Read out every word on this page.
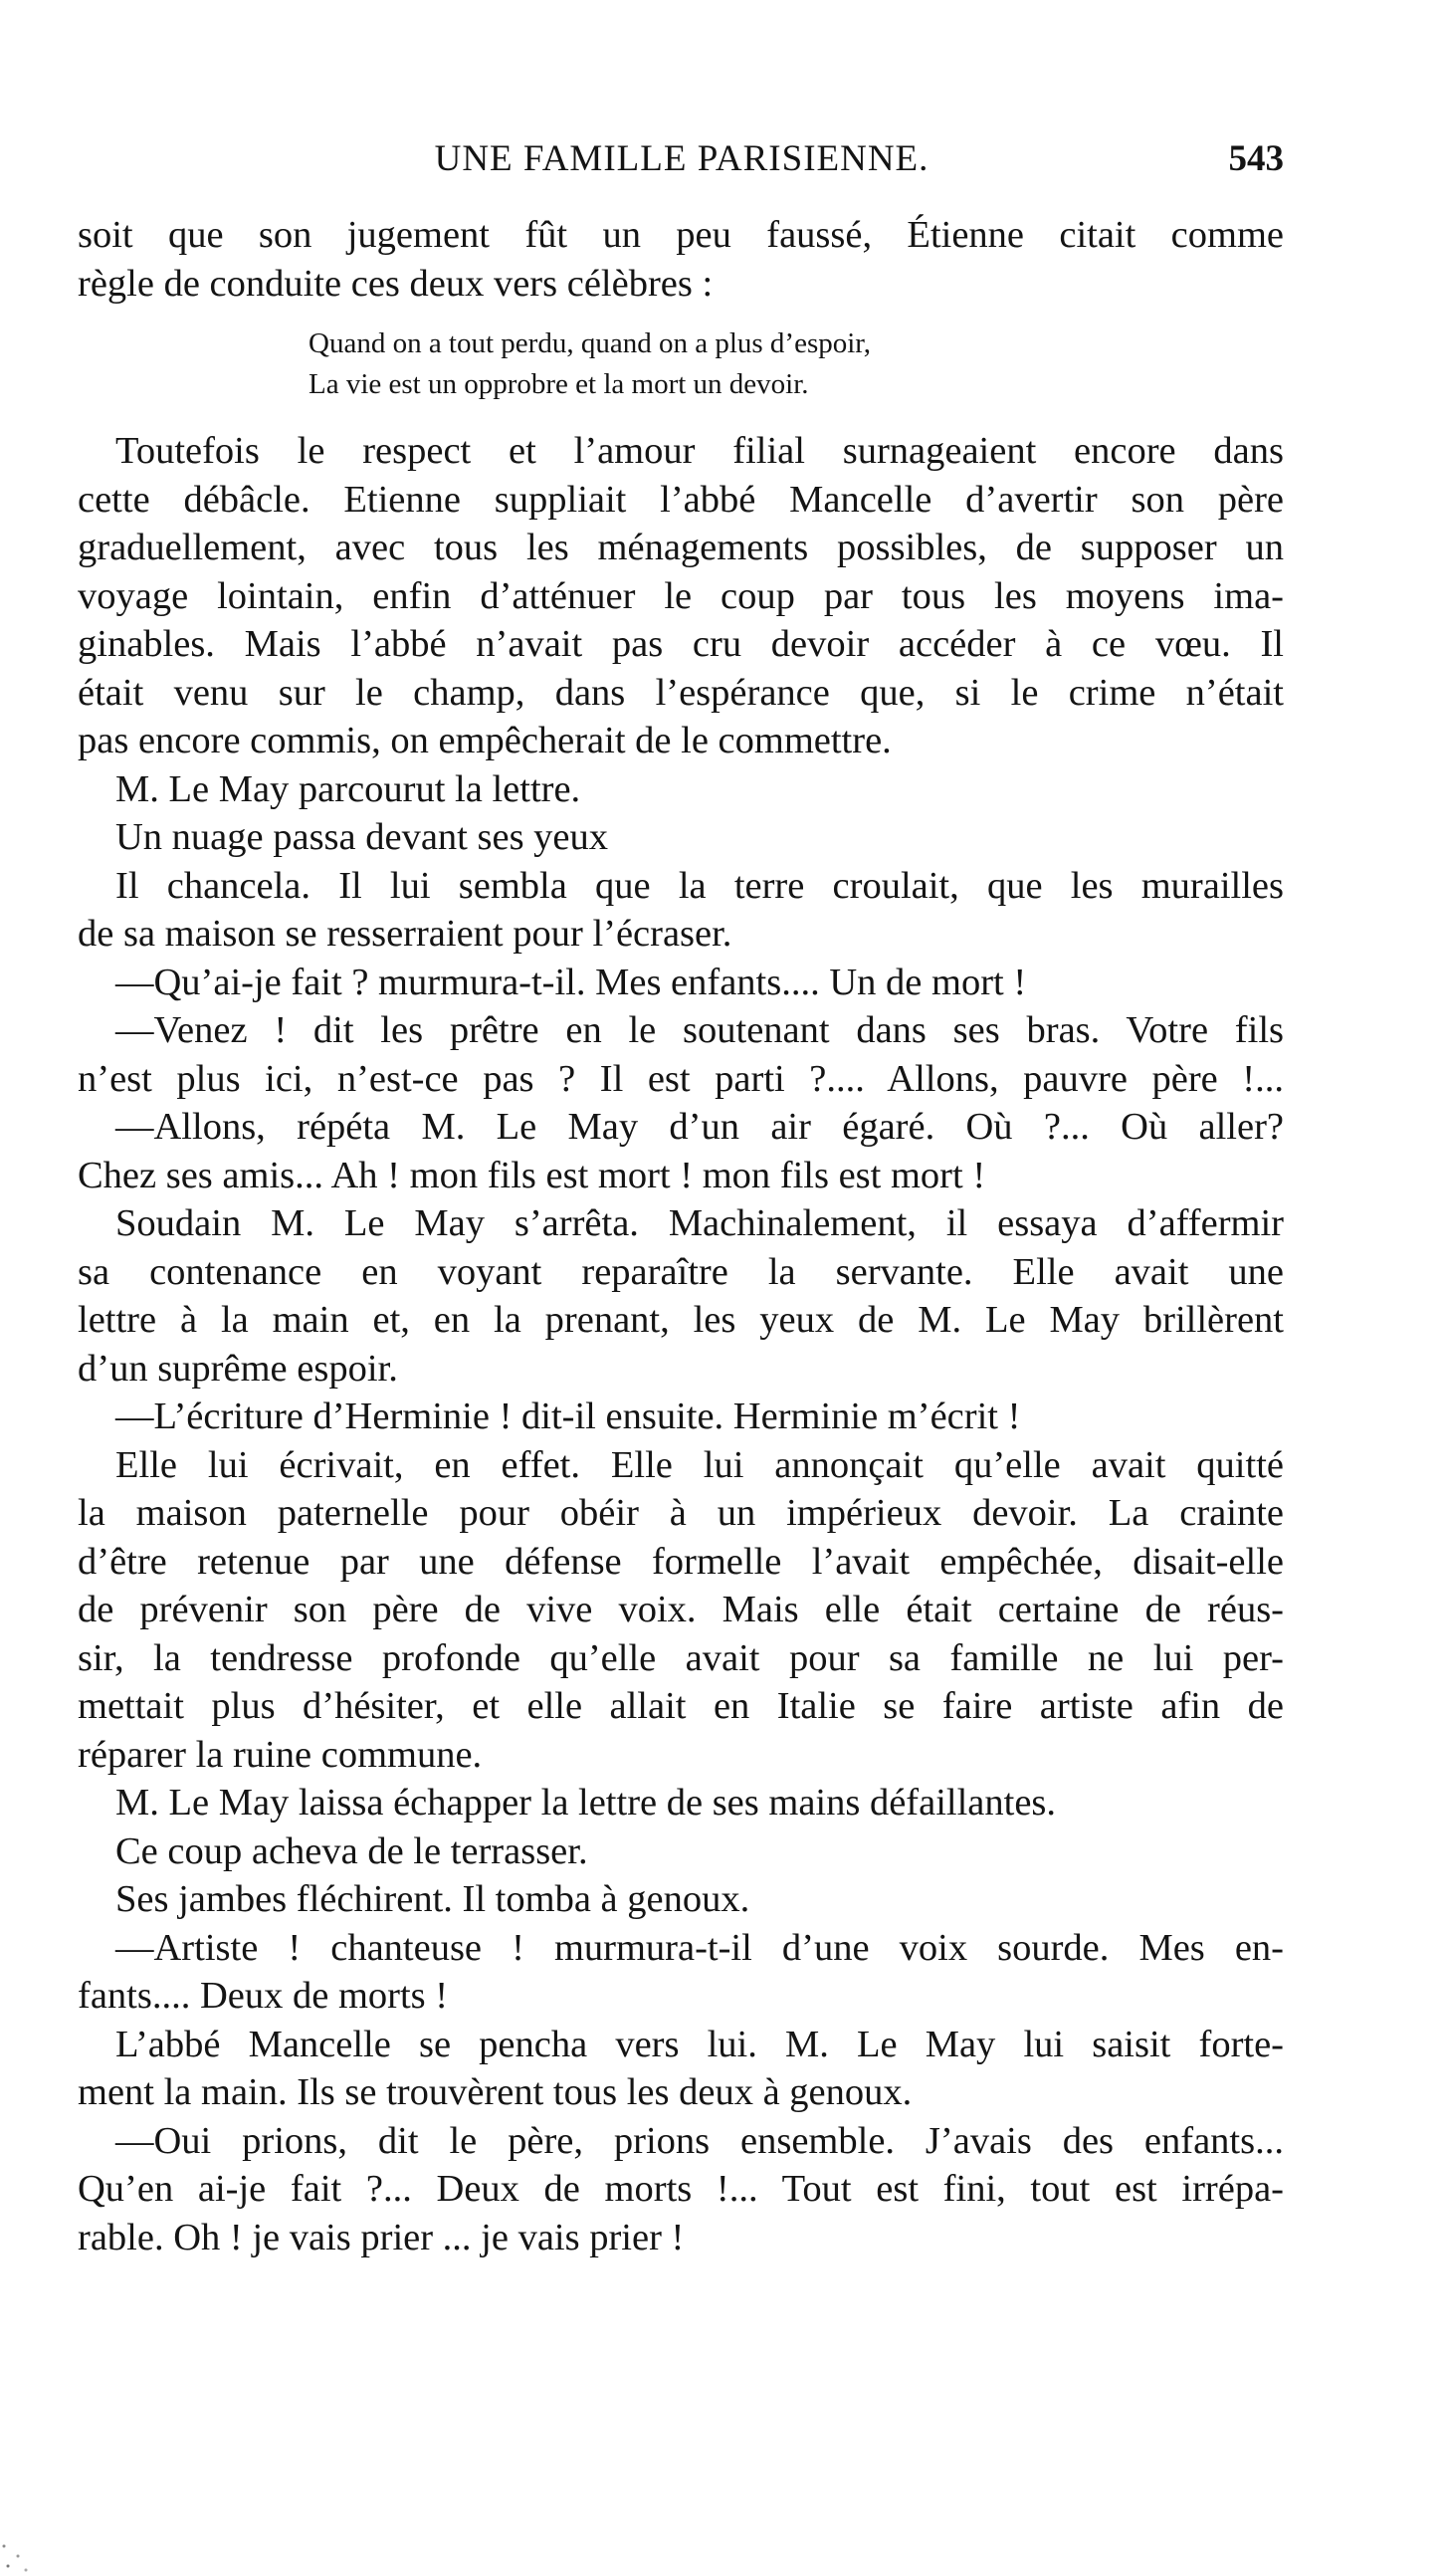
UNE FAMILLE PARISIENNE.	543
soit que son jugement fût un peu faussé, Étienne citait comme
règle de conduite ces deux vers célèbres :
Quand on a tout perdu, quand on a plus d’espoir,
La vie est un opprobre et la mort un devoir.
Toutefois le respect et l’amour filial surnageaient encore dans
cette débâcle. Etienne suppliait l’abbé Mancelle d’avertir son père
graduellement, avec tous les ménagements possibles, de supposer un
voyage lointain, enfin d’atténuer le coup par tous les moyens ima-
ginables. Mais l’abbé n’avait pas cru devoir accéder à ce vœu. Il
était venu sur le champ, dans l’espérance que, si le crime n’était
pas encore commis, on empêcherait de le commettre.
M. Le May parcourut la lettre.
Un nuage passa devant ses yeux
Il chancela. Il lui sembla que la terre croulait, que les murailles
de sa maison se resserraient pour l’écraser.
—Qu’ai-je fait ? murmura-t-il. Mes enfants.... Un de mort !
—Venez ! dit les prêtre en le soutenant dans ses bras. Votre fils
n’est plus ici, n’est-ce pas ? Il est parti ?.... Allons, pauvre père !...
—Allons, répéta M. Le May d’un air égaré. Où ?... Où aller?
Chez ses amis... Ah ! mon fils est mort ! mon fils est mort !
Soudain M. Le May s’arrêta. Machinalement, il essaya d’affermir
sa contenance en voyant reparaître la servante. Elle avait une
lettre à la main et, en la prenant, les yeux de M. Le May brillèrent
d’un suprême espoir.
—L’écriture d’Herminie ! dit-il ensuite. Herminie m’écrit !
Elle lui écrivait, en effet. Elle lui annonçait qu’elle avait quitté
la maison paternelle pour obéir à un impérieux devoir. La crainte
d’être retenue par une défense formelle l’avait empêchée, disait-elle
de prévenir son père de vive voix. Mais elle était certaine de réus-
sir, la tendresse profonde qu’elle avait pour sa famille ne lui per-
mettait plus d’hésiter, et elle allait en Italie se faire artiste afin de
réparer la ruine commune.
M. Le May laissa échapper la lettre de ses mains défaillantes.
Ce coup acheva de le terrasser.
Ses jambes fléchirent. Il tomba à genoux.
—Artiste ! chanteuse ! murmura-t-il d’une voix sourde. Mes en-
fants.... Deux de morts !
L’abbé Mancelle se pencha vers lui. M. Le May lui saisit forte-
ment la main. Ils se trouvèrent tous les deux à genoux.
—Oui prions, dit le père, prions ensemble. J’avais des enfants...
Qu’en ai-je fait ?... Deux de morts !... Tout est fini, tout est irrépa-
rable. Oh ! je vais prier ... je vais prier !
